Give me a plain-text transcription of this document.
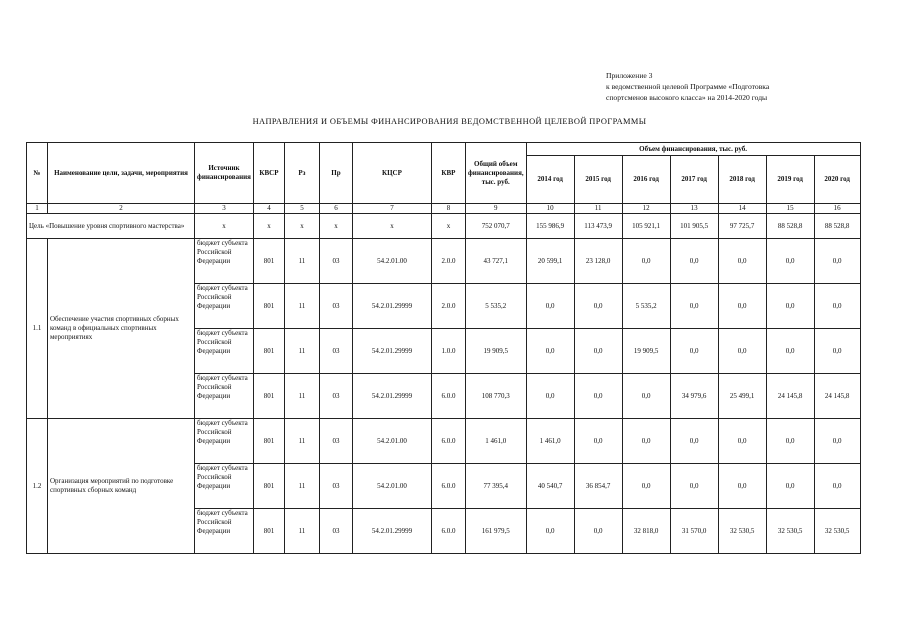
Приложение 3
к ведомственной целевой Программе «Подготовка
спортсменов высокого класса» на 2014-2020 годы
НАПРАВЛЕНИЯ И ОБЪЕМЫ ФИНАНСИРОВАНИЯ ВЕДОМСТВЕННОЙ ЦЕЛЕВОЙ ПРОГРАММЫ
№	Наименование цели, задачи, мероприятия	Источник финансирования	КВСР	Рз	Пр	КЦСР	КВР	Общий объем финансирования, тыс. руб.	Объем финансирования, тыс. руб.						
									2014 год	2015 год	2016 год	2017 год	2018 год	2019 год	2020 год
1	2	3	4	5	6	7	8	9	10	11	12	13	14	15	16
Цель «Повышение уровня спортивного мастерства»		x	x	x	x	x	x	752 070,7	155 986,9	113 473,9	105 921,1	101 905,5	97 725,7	88 528,8	88 528,8
1.1	Обеспечение участия спортивных сборных команд в официальных спортивных мероприятиях	бюджет субъекта Российской Федерации	801	11	03	54.2.01.00	2.0.0	43 727,1	20 599,1	23 128,0	0,0	0,0	0,0	0,0	0,0
		бюджет субъекта Российской Федерации	801	11	03	54.2.01.29999	2.0.0	5 535,2	0,0	0,0	5 535,2	0,0	0,0	0,0	0,0
		бюджет субъекта Российской Федерации	801	11	03	54.2.01.29999	1.0.0	19 909,5	0,0	0,0	19 909,5	0,0	0,0	0,0	0,0
		бюджет субъекта Российской Федерации	801	11	03	54.2.01.29999	6.0.0	108 770,3	0,0	0,0	0,0	34 979,6	25 499,1	24 145,8	24 145,8
1.2	Организация мероприятий по подготовке спортивных сборных команд	бюджет субъекта Российской Федерации	801	11	03	54.2.01.00	6.0.0	1 461,0	1 461,0	0,0	0,0	0,0	0,0	0,0	0,0
		бюджет субъекта Российской Федерации	801	11	03	54.2.01.00	6.0.0	77 395,4	40 540,7	36 854,7	0,0	0,0	0,0	0,0	0,0
		бюджет субъекта Российской Федерации	801	11	03	54.2.01.29999	6.0.0	161 979,5	0,0	0,0	32 818,0	31 570,0	32 530,5	32 530,5	32 530,5
